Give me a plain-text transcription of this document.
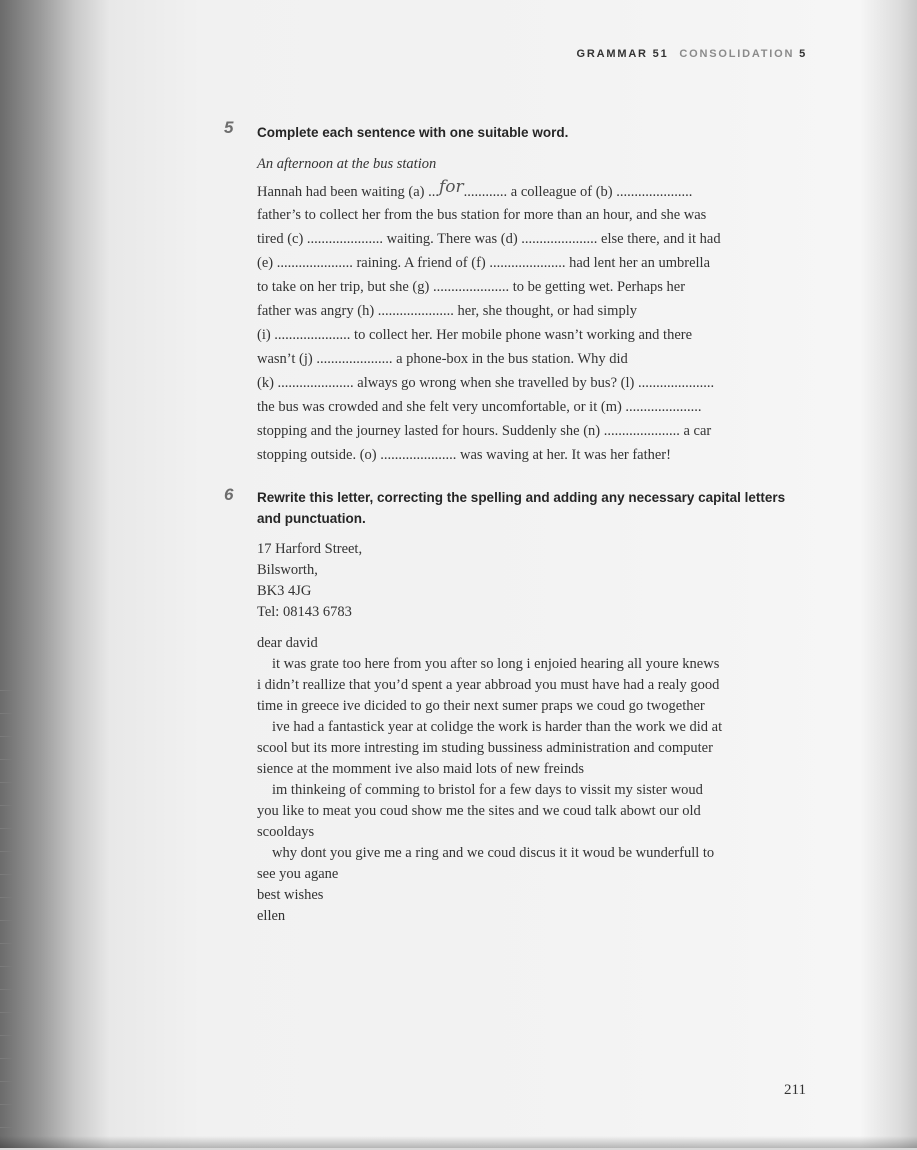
GRAMMAR 51 CONSOLIDATION 5
5 Complete each sentence with one suitable word.
An afternoon at the bus station
Hannah had been waiting (a) ...for............ a colleague of (b) .....................
father’s to collect her from the bus station for more than an hour, and she was
tired (c) ..................... waiting. There was (d) ..................... else there, and it had
(e) ..................... raining. A friend of (f) ..................... had lent her an umbrella
to take on her trip, but she (g) ..................... to be getting wet. Perhaps her
father was angry (h) ..................... her, she thought, or had simply
(i) ..................... to collect her. Her mobile phone wasn’t working and there
wasn’t (j) ..................... a phone-box in the bus station. Why did
(k) ..................... always go wrong when she travelled by bus? (l) .....................
the bus was crowded and she felt very uncomfortable, or it (m) .....................
stopping and the journey lasted for hours. Suddenly she (n) ..................... a car
stopping outside. (o) ..................... was waving at her. It was her father!
6 Rewrite this letter, correcting the spelling and adding any necessary capital letters and punctuation.
17 Harford Street,
Bilsworth,
BK3 4JG
Tel: 08143 6783
dear david
it was grate too here from you after so long i enjoied hearing all youre knews
i didn’t reallize that you’d spent a year abbroad you must have had a realy good
time in greece ive dicided to go their next sumer praps we coud go twogether
ive had a fantastick year at colidge the work is harder than the work we did at
scool but its more intresting im studing bussiness administration and computer
sience at the momment ive also maid lots of new freinds
im thinkeing of comming to bristol for a few days to vissit my sister woud
you like to meat you coud show me the sites and we coud talk abowt our old
scooldays
why dont you give me a ring and we coud discus it it woud be wunderfull to
see you agane
best wishes
ellen
211
